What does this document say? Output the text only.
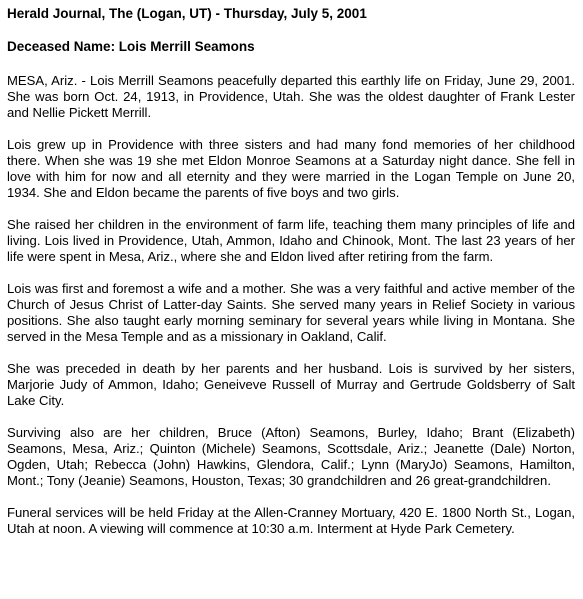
Herald Journal, The (Logan, UT) - Thursday, July 5, 2001
Deceased Name: Lois Merrill Seamons

MESA, Ariz. - Lois Merrill Seamons peacefully departed this earthly life on Friday, June 29, 2001. She was born Oct. 24, 1913, in Providence, Utah. She was the oldest daughter of Frank Lester and Nellie Pickett Merrill.

Lois grew up in Providence with three sisters and had many fond memories of her childhood there. When she was 19 she met Eldon Monroe Seamons at a Saturday night dance. She fell in love with him for now and all eternity and they were married in the Logan Temple on June 20, 1934. She and Eldon became the parents of five boys and two girls.

She raised her children in the environment of farm life, teaching them many principles of life and living. Lois lived in Providence, Utah, Ammon, Idaho and Chinook, Mont. The last 23 years of her life were spent in Mesa, Ariz., where she and Eldon lived after retiring from the farm.

Lois was first and foremost a wife and a mother. She was a very faithful and active member of the Church of Jesus Christ of Latter-day Saints. She served many years in Relief Society in various positions. She also taught early morning seminary for several years while living in Montana. She served in the Mesa Temple and as a missionary in Oakland, Calif.

She was preceded in death by her parents and her husband. Lois is survived by her sisters, Marjorie Judy of Ammon, Idaho; Geneiveve Russell of Murray and Gertrude Goldsberry of Salt Lake City.

Surviving also are her children, Bruce (Afton) Seamons, Burley, Idaho; Brant (Elizabeth) Seamons, Mesa, Ariz.; Quinton (Michele) Seamons, Scottsdale, Ariz.; Jeanette (Dale) Norton, Ogden, Utah; Rebecca (John) Hawkins, Glendora, Calif.; Lynn (MaryJo) Seamons, Hamilton, Mont.; Tony (Jeanie) Seamons, Houston, Texas; 30 grandchildren and 26 great-grandchildren.

Funeral services will be held Friday at the Allen-Cranney Mortuary, 420 E. 1800 North St., Logan, Utah at noon. A viewing will commence at 10:30 a.m. Interment at Hyde Park Cemetery.
